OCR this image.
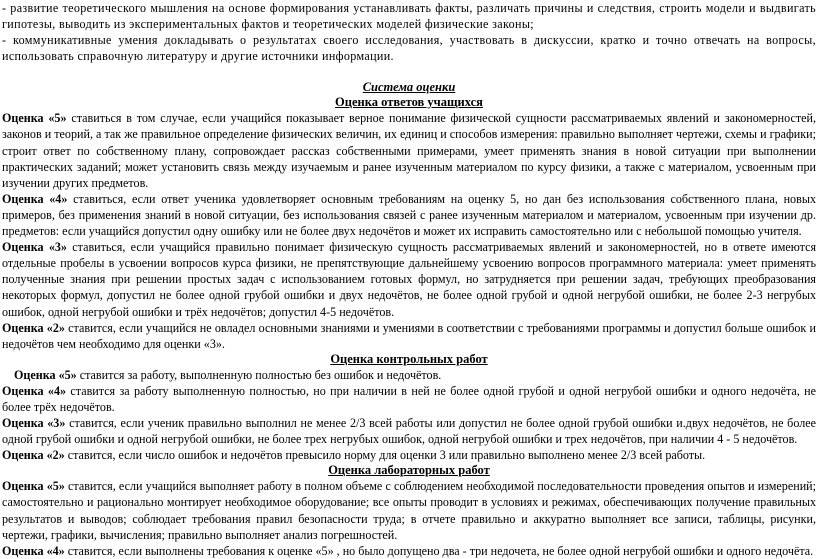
- развитие теоретического мышления на основе формирования устанавливать факты, различать причины и следствия, строить модели и выдвигать гипотезы, выводить из экспериментальных фактов и теоретических моделей физические законы;

- коммуникативные умения докладывать о результатах своего исследования, участвовать в дискуссии, кратко и точно отвечать на вопросы, использовать справочную литературу и другие источники информации.

Система оценки

Оценка ответов учащихся

Оценка «5» ставиться в том случае, если учащийся показывает верное понимание физической сущности рассматриваемых явлений и закономерностей, законов и теорий, а так же правильное определение физических величин, их единиц и способов измерения: правильно выполняет чертежи, схемы и графики; строит ответ по собственному плану, сопровождает рассказ собственными примерами, умеет применять знания в новой ситуации при выполнении практических заданий; может установить связь между изучаемым и ранее изученным материалом по курсу физики, а также с материалом, усвоенным при изучении других предметов.

Оценка «4» ставиться, если ответ ученика удовлетворяет основным требованиям на оценку 5, но дан без использования собственного плана, новых примеров, без применения знаний в новой ситуации, без использования связей с ранее изученным материалом и материалом, усвоенным при изучении др. предметов: если учащийся допустил одну ошибку или не более двух недочётов и может их исправить самостоятельно или с небольшой помощью учителя.

Оценка «3» ставиться, если учащийся правильно понимает физическую сущность рассматриваемых явлений и закономерностей, но в ответе имеются отдельные пробелы в усвоении вопросов курса физики, не препятствующие дальнейшему усвоению вопросов программного материала: умеет применять полученные знания при решении простых задач с использованием готовых формул, но затрудняется при решении задач, требующих преобразования некоторых формул, допустил не более одной грубой ошибки и двух недочётов, не более одной грубой и одной негрубой ошибки, не более 2-3 негрубых ошибок, одной негрубой ошибки и трёх недочётов; допустил 4-5 недочётов.

Оценка «2» ставится, если учащийся не овладел основными знаниями и умениями в соответствии с требованиями программы и допустил больше ошибок и недочётов чем необходимо для оценки «3».

Оценка контрольных работ

Оценка «5» ставится за работу, выполненную полностью без ошибок и недочётов.

Оценка «4» ставится за работу выполненную полностью, но при наличии в ней не более одной грубой и одной негрубой ошибки и одного недочёта, не более трёх недочётов.

Оценка «3» ставится, если ученик правильно выполнил не менее 2/3 всей работы или допустил не более одной грубой ошибки и.двух недочётов, не более одной грубой ошибки и одной негрубой ошибки, не более трех негрубых ошибок, одной негрубой ошибки и трех недочётов, при наличии 4 - 5 недочётов.

Оценка «2» ставится, если число ошибок и недочётов превысило норму для оценки 3 или правильно выполнено менее 2/3 всей работы.

Оценка лабораторных работ

Оценка «5» ставится, если учащийся выполняет работу в полном объеме с соблюдением необходимой последовательности проведения опытов и измерений; самостоятельно и рационально монтирует необходимое оборудование; все опыты проводит в условиях и режимах, обеспечивающих получение правильных результатов и выводов; соблюдает требования правил безопасности труда; в отчете правильно и аккуратно выполняет все записи, таблицы, рисунки, чертежи, графики, вычисления; правильно выполняет анализ погрешностей.

Оценка «4» ставится, если выполнены требования к оценке «5» , но было допущено два - три недочета, не более одной негрубой ошибки и одного недочёта.
